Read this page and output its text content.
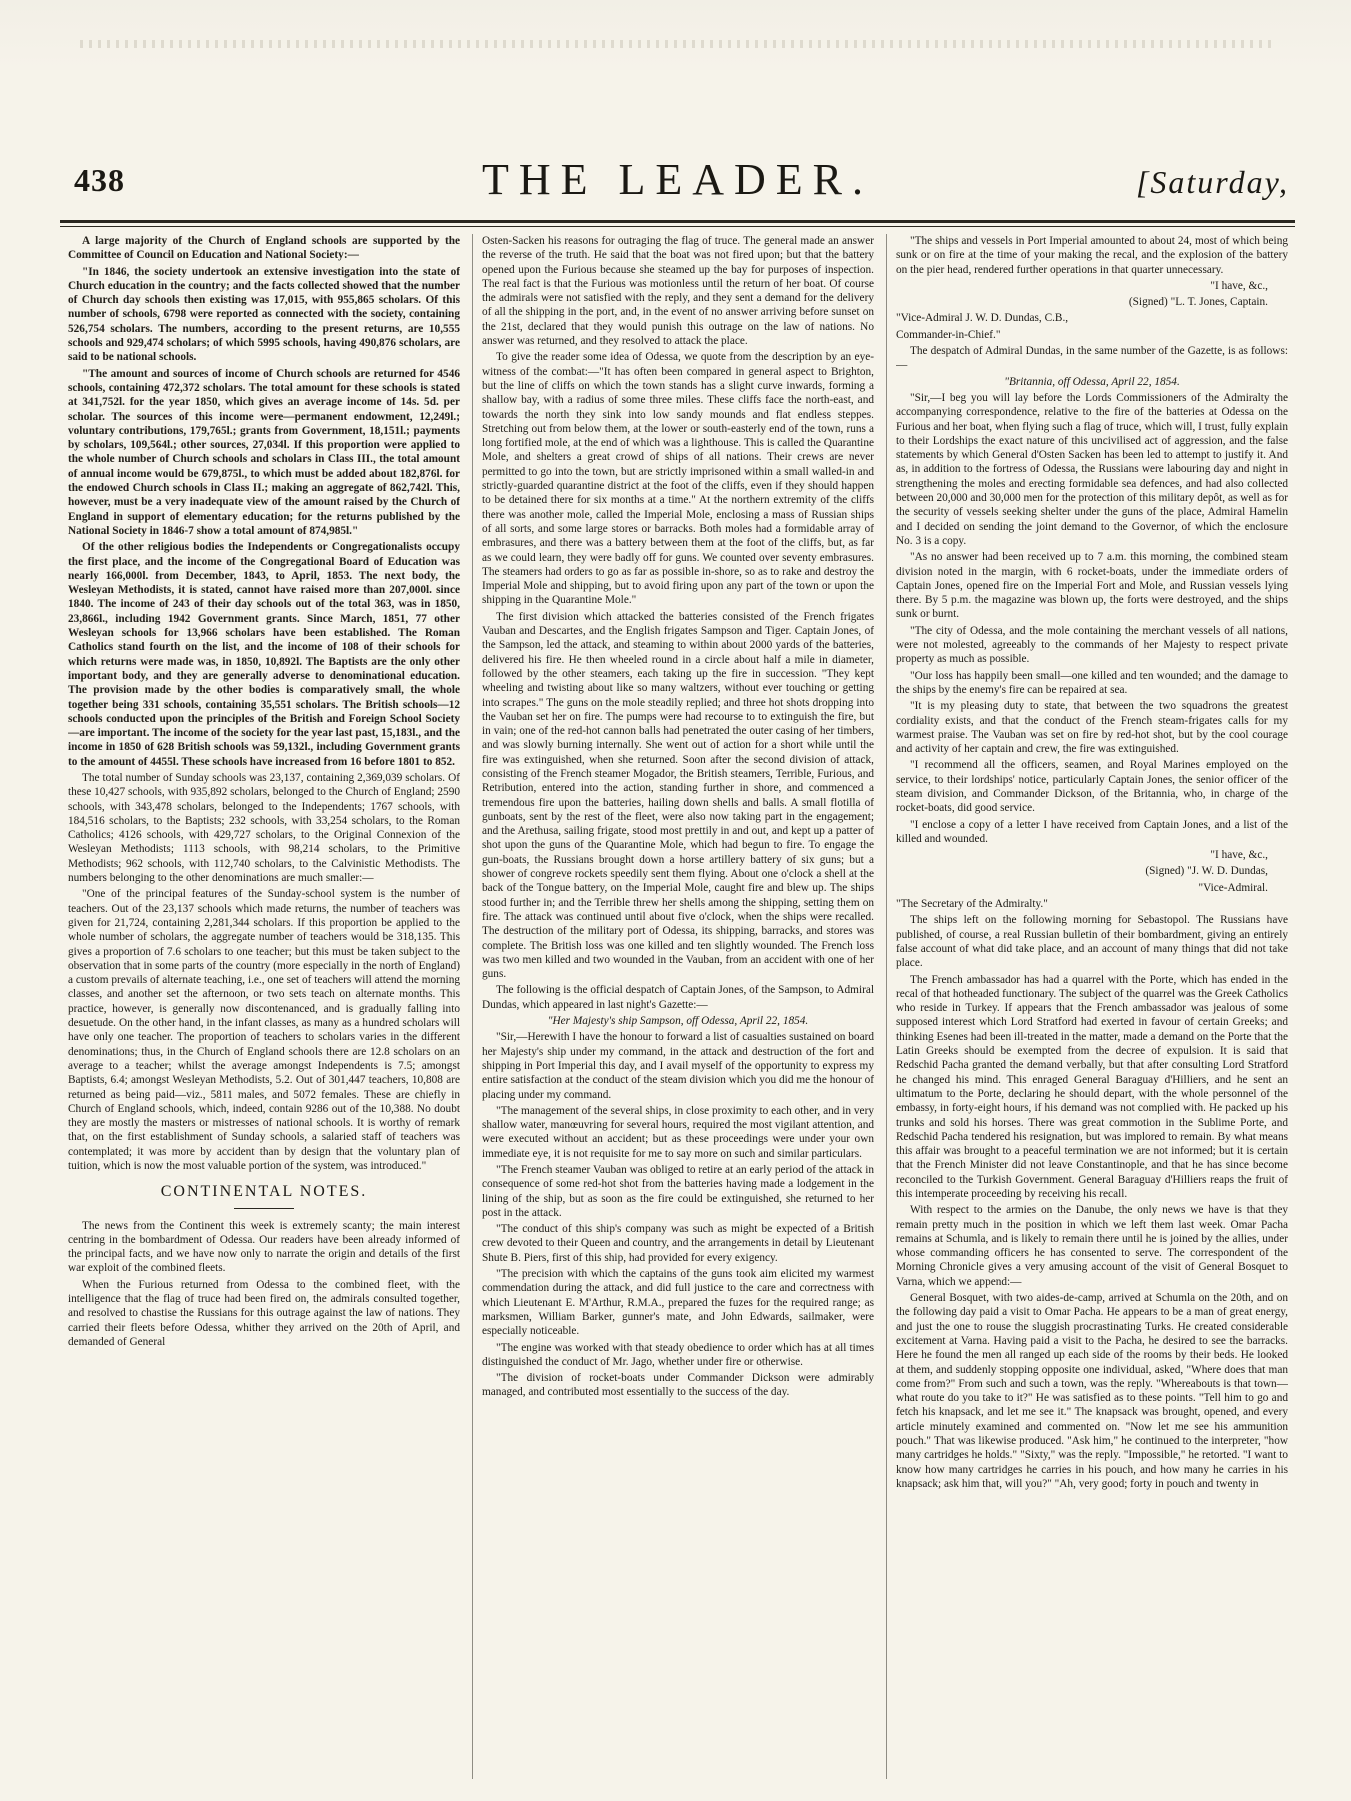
438	THE LEADER.	[Saturday,

A large majority of the Church of England schools are supported by the Committee of Council on Education and National Society:—

"In 1846, the society undertook an extensive investigation into the state of Church education in the country; and the facts collected showed that the number of Church day schools then existing was 17,015, with 955,865 scholars. Of this number of schools, 6798 were reported as connected with the society, containing 526,754 scholars. The numbers, according to the present returns, are 10,555 schools and 929,474 scholars; of which 5995 schools, having 490,876 scholars, are said to be national schools.

"The amount and sources of income of Church schools are returned for 4546 schools, containing 472,372 scholars. The total amount for these schools is stated at 341,752l. for the year 1850, which gives an average income of 14s. 5d. per scholar. The sources of this income were—permanent endowment, 12,249l.; voluntary contributions, 179,765l.; grants from Government, 18,151l.; payments by scholars, 109,564l.; other sources, 27,034l. If this proportion were applied to the whole number of Church schools and scholars in Class III., the total amount of annual income would be 679,875l., to which must be added about 182,876l. for the endowed Church schools in Class II.; making an aggregate of 862,742l. This, however, must be a very inadequate view of the amount raised by the Church of England in support of elementary education; for the returns published by the National Society in 1846-7 show a total amount of 874,985l."

Of the other religious bodies the Independents or Congregationalists occupy the first place, and the income of the Congregational Board of Education was nearly 166,000l. from December, 1843, to April, 1853. The next body, the Wesleyan Methodists, it is stated, cannot have raised more than 207,000l. since 1840. The income of 243 of their day schools out of the total 363, was in 1850, 23,866l., including 1942 Government grants. Since March, 1851, 77 other Wesleyan schools for 13,966 scholars have been established. The Roman Catholics stand fourth on the list, and the income of 108 of their schools for which returns were made was, in 1850, 10,892l. The Baptists are the only other important body, and they are generally adverse to denominational education. The provision made by the other bodies is comparatively small, the whole together being 331 schools, containing 35,551 scholars. The British schools—12 schools conducted upon the principles of the British and Foreign School Society—are important. The income of the society for the year last past, 15,183l., and the income in 1850 of 628 British schools was 59,132l., including Government grants to the amount of 4455l. These schools have increased from 16 before 1801 to 852.

The total number of Sunday schools was 23,137, containing 2,369,039 scholars. Of these 10,427 schools, with 935,892 scholars, belonged to the Church of England; 2590 schools, with 343,478 scholars, belonged to the Independents; 1767 schools, with 184,516 scholars, to the Baptists; 232 schools, with 33,254 scholars, to the Roman Catholics; 4126 schools, with 429,727 scholars, to the Original Connexion of the Wesleyan Methodists; 1113 schools, with 98,214 scholars, to the Primitive Methodists; 962 schools, with 112,740 scholars, to the Calvinistic Methodists. The numbers belonging to the other denominations are much smaller:—

"One of the principal features of the Sunday-school system is the number of teachers. Out of the 23,137 schools which made returns, the number of teachers was given for 21,724, containing 2,281,344 scholars. If this proportion be applied to the whole number of scholars, the aggregate number of teachers would be 318,135. This gives a proportion of 7.6 scholars to one teacher; but this must be taken subject to the observation that in some parts of the country (more especially in the north of England) a custom prevails of alternate teaching, i.e., one set of teachers will attend the morning classes, and another set the afternoon, or two sets teach on alternate months. This practice, however, is generally now discontenanced, and is gradually falling into desuetude. On the other hand, in the infant classes, as many as a hundred scholars will have only one teacher. The proportion of teachers to scholars varies in the different denominations; thus, in the Church of England schools there are 12.8 scholars on an average to a teacher; whilst the average amongst Independents is 7.5; amongst Baptists, 6.4; amongst Wesleyan Methodists, 5.2. Out of 301,447 teachers, 10,808 are returned as being paid—viz., 5811 males, and 5072 females. These are chiefly in Church of England schools, which, indeed, contain 9286 out of the 10,388. No doubt they are mostly the masters or mistresses of national schools. It is worthy of remark that, on the first establishment of Sunday schools, a salaried staff of teachers was contemplated; it was more by accident than by design that the voluntary plan of tuition, which is now the most valuable portion of the system, was introduced."

CONTINENTAL NOTES.

The news from the Continent this week is extremely scanty; the main interest centring in the bombardment of Odessa. Our readers have been already informed of the principal facts, and we have now only to narrate the origin and details of the first war exploit of the combined fleets.

When the Furious returned from Odessa to the combined fleet, with the intelligence that the flag of truce had been fired on, the admirals consulted together, and resolved to chastise the Russians for this outrage against the law of nations. They carried their fleets before Odessa, whither they arrived on the 20th of April, and demanded of General

Osten-Sacken his reasons for outraging the flag of truce. The general made an answer the reverse of the truth. He said that the boat was not fired upon; but that the battery opened upon the Furious because she steamed up the bay for purposes of inspection. The real fact is that the Furious was motionless until the return of her boat. Of course the admirals were not satisfied with the reply, and they sent a demand for the delivery of all the shipping in the port, and, in the event of no answer arriving before sunset on the 21st, declared that they would punish this outrage on the law of nations. No answer was returned, and they resolved to attack the place.

To give the reader some idea of Odessa, we quote from the description by an eye-witness of the combat:—"It has often been compared in general aspect to Brighton, but the line of cliffs on which the town stands has a slight curve inwards, forming a shallow bay, with a radius of some three miles. These cliffs face the north-east, and towards the north they sink into low sandy mounds and flat endless steppes. Stretching out from below them, at the lower or south-easterly end of the town, runs a long fortified mole, at the end of which was a lighthouse. This is called the Quarantine Mole, and shelters a great crowd of ships of all nations. Their crews are never permitted to go into the town, but are strictly imprisoned within a small walled-in and strictly-guarded quarantine district at the foot of the cliffs, even if they should happen to be detained there for six months at a time." At the northern extremity of the cliffs there was another mole, called the Imperial Mole, enclosing a mass of Russian ships of all sorts, and some large stores or barracks. Both moles had a formidable array of embrasures, and there was a battery between them at the foot of the cliffs, but, as far as we could learn, they were badly off for guns. We counted over seventy embrasures. The steamers had orders to go as far as possible in-shore, so as to rake and destroy the Imperial Mole and shipping, but to avoid firing upon any part of the town or upon the shipping in the Quarantine Mole."

The first division which attacked the batteries consisted of the French frigates Vauban and Descartes, and the English frigates Sampson and Tiger. Captain Jones, of the Sampson, led the attack, and steaming to within about 2000 yards of the batteries, delivered his fire. He then wheeled round in a circle about half a mile in diameter, followed by the other steamers, each taking up the fire in succession. "They kept wheeling and twisting about like so many waltzers, without ever touching or getting into scrapes." The guns on the mole steadily replied; and three hot shots dropping into the Vauban set her on fire. The pumps were had recourse to to extinguish the fire, but in vain; one of the red-hot cannon balls had penetrated the outer casing of her timbers, and was slowly burning internally. She went out of action for a short while until the fire was extinguished, when she returned. Soon after the second division of attack, consisting of the French steamer Mogador, the British steamers, Terrible, Furious, and Retribution, entered into the action, standing further in shore, and commenced a tremendous fire upon the batteries, hailing down shells and balls. A small flotilla of gunboats, sent by the rest of the fleet, were also now taking part in the engagement; and the Arethusa, sailing frigate, stood most prettily in and out, and kept up a patter of shot upon the guns of the Quarantine Mole, which had begun to fire. To engage the gun-boats, the Russians brought down a horse artillery battery of six guns; but a shower of congreve rockets speedily sent them flying. About one o'clock a shell at the back of the Tongue battery, on the Imperial Mole, caught fire and blew up. The ships stood further in; and the Terrible threw her shells among the shipping, setting them on fire. The attack was continued until about five o'clock, when the ships were recalled. The destruction of the military port of Odessa, its shipping, barracks, and stores was complete. The British loss was one killed and ten slightly wounded. The French loss was two men killed and two wounded in the Vauban, from an accident with one of her guns.

The following is the official despatch of Captain Jones, of the Sampson, to Admiral Dundas, which appeared in last night's Gazette:—

"Her Majesty's ship Sampson, off Odessa, April 22, 1854.

"Sir,—Herewith I have the honour to forward a list of casualties sustained on board her Majesty's ship under my command, in the attack and destruction of the fort and shipping in Port Imperial this day, and I avail myself of the opportunity to express my entire satisfaction at the conduct of the steam division which you did me the honour of placing under my command.

"The management of the several ships, in close proximity to each other, and in very shallow water, manœuvring for several hours, required the most vigilant attention, and were executed without an accident; but as these proceedings were under your own immediate eye, it is not requisite for me to say more on such and similar particulars.

"The French steamer Vauban was obliged to retire at an early period of the attack in consequence of some red-hot shot from the batteries having made a lodgement in the lining of the ship, but as soon as the fire could be extinguished, she returned to her post in the attack.

"The conduct of this ship's company was such as might be expected of a British crew devoted to their Queen and country, and the arrangements in detail by Lieutenant Shute B. Piers, first of this ship, had provided for every exigency.

"The precision with which the captains of the guns took aim elicited my warmest commendation during the attack, and did full justice to the care and correctness with which Lieutenant E. M'Arthur, R.M.A., prepared the fuzes for the required range; as marksmen, William Barker, gunner's mate, and John Edwards, sailmaker, were especially noticeable.

"The engine was worked with that steady obedience to order which has at all times distinguished the conduct of Mr. Jago, whether under fire or otherwise.

"The division of rocket-boats under Commander Dickson were admirably managed, and contributed most essentially to the success of the day.

"The ships and vessels in Port Imperial amounted to about 24, most of which being sunk or on fire at the time of your making the recal, and the explosion of the battery on the pier head, rendered further operations in that quarter unnecessary.

"I have, &c.,

(Signed) "L. T. Jones, Captain.

"Vice-Admiral J. W. D. Dundas, C.B.,

Commander-in-Chief."

The despatch of Admiral Dundas, in the same number of the Gazette, is as follows:—

"Britannia, off Odessa, April 22, 1854.

"Sir,—I beg you will lay before the Lords Commissioners of the Admiralty the accompanying correspondence, relative to the fire of the batteries at Odessa on the Furious and her boat, when flying such a flag of truce, which will, I trust, fully explain to their Lordships the exact nature of this uncivilised act of aggression, and the false statements by which General d'Osten Sacken has been led to attempt to justify it. And as, in addition to the fortress of Odessa, the Russians were labouring day and night in strengthening the moles and erecting formidable sea defences, and had also collected between 20,000 and 30,000 men for the protection of this military depôt, as well as for the security of vessels seeking shelter under the guns of the place, Admiral Hamelin and I decided on sending the joint demand to the Governor, of which the enclosure No. 3 is a copy.

"As no answer had been received up to 7 a.m. this morning, the combined steam division noted in the margin, with 6 rocket-boats, under the immediate orders of Captain Jones, opened fire on the Imperial Fort and Mole, and Russian vessels lying there. By 5 p.m. the magazine was blown up, the forts were destroyed, and the ships sunk or burnt.

"The city of Odessa, and the mole containing the merchant vessels of all nations, were not molested, agreeably to the commands of her Majesty to respect private property as much as possible.

"Our loss has happily been small—one killed and ten wounded; and the damage to the ships by the enemy's fire can be repaired at sea.

"It is my pleasing duty to state, that between the two squadrons the greatest cordiality exists, and that the conduct of the French steam-frigates calls for my warmest praise. The Vauban was set on fire by red-hot shot, but by the cool courage and activity of her captain and crew, the fire was extinguished.

"I recommend all the officers, seamen, and Royal Marines employed on the service, to their lordships' notice, particularly Captain Jones, the senior officer of the steam division, and Commander Dickson, of the Britannia, who, in charge of the rocket-boats, did good service.

"I enclose a copy of a letter I have received from Captain Jones, and a list of the killed and wounded.

"I have, &c.,

(Signed) "J. W. D. Dundas,

"Vice-Admiral.

"The Secretary of the Admiralty."

The ships left on the following morning for Sebastopol. The Russians have published, of course, a real Russian bulletin of their bombardment, giving an entirely false account of what did take place, and an account of many things that did not take place.

The French ambassador has had a quarrel with the Porte, which has ended in the recal of that hotheaded functionary. The subject of the quarrel was the Greek Catholics who reside in Turkey. If appears that the French ambassador was jealous of some supposed interest which Lord Stratford had exerted in favour of certain Greeks; and thinking Esenes had been ill-treated in the matter, made a demand on the Porte that the Latin Greeks should be exempted from the decree of expulsion. It is said that Redschid Pacha granted the demand verbally, but that after consulting Lord Stratford he changed his mind. This enraged General Baraguay d'Hilliers, and he sent an ultimatum to the Porte, declaring he should depart, with the whole personnel of the embassy, in forty-eight hours, if his demand was not complied with. He packed up his trunks and sold his horses. There was great commotion in the Sublime Porte, and Redschid Pacha tendered his resignation, but was implored to remain. By what means this affair was brought to a peaceful termination we are not informed; but it is certain that the French Minister did not leave Constantinople, and that he has since become reconciled to the Turkish Government. General Baraguay d'Hilliers reaps the fruit of this intemperate proceeding by receiving his recall.

With respect to the armies on the Danube, the only news we have is that they remain pretty much in the position in which we left them last week. Omar Pacha remains at Schumla, and is likely to remain there until he is joined by the allies, under whose commanding officers he has consented to serve. The correspondent of the Morning Chronicle gives a very amusing account of the visit of General Bosquet to Varna, which we append:—

General Bosquet, with two aides-de-camp, arrived at Schumla on the 20th, and on the following day paid a visit to Omar Pacha. He appears to be a man of great energy, and just the one to rouse the sluggish procrastinating Turks. He created considerable excitement at Varna. Having paid a visit to the Pacha, he desired to see the barracks. Here he found the men all ranged up each side of the rooms by their beds. He looked at them, and suddenly stopping opposite one individual, asked, "Where does that man come from?" From such and such a town, was the reply. "Whereabouts is that town—what route do you take to it?" He was satisfied as to these points. "Tell him to go and fetch his knapsack, and let me see it." The knapsack was brought, opened, and every article minutely examined and commented on. "Now let me see his ammunition pouch." That was likewise produced. "Ask him," he continued to the interpreter, "how many cartridges he holds." "Sixty," was the reply. "Impossible," he retorted. "I want to know how many cartridges he carries in his pouch, and how many he carries in his knapsack; ask him that, will you?" "Ah, very good; forty in pouch and twenty in
